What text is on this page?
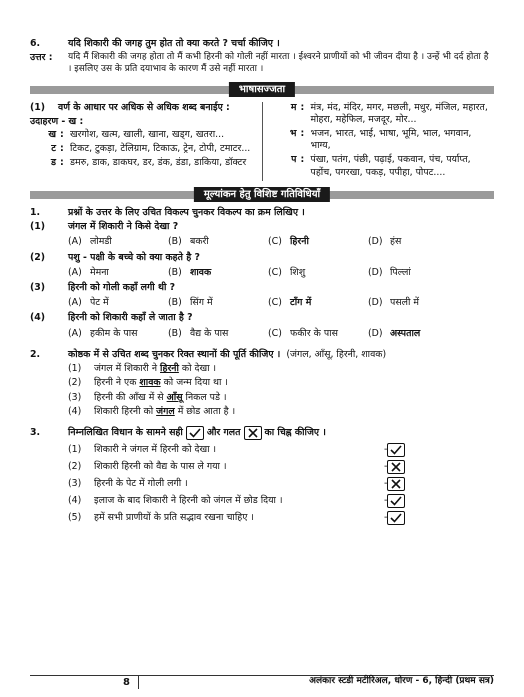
6.	यदि शिकारी की जगह तुम होत तो क्या करते ? चर्चा कीजिए ।
उत्तर :	यदि मैं शिकारी की जगह होता तो मैं कभी हिरनी को गोली नहीं मारता । ईश्वरने प्राणीयों को भी जीवन दीया है । उन्हें भी दर्द होता है । इसलिए उस के प्रति दयाभाव के कारण मैं उसे नहीं मारता ।
भाषासज्जता
(1)	वर्ण के आधार पर अधिक से अधिक शब्द बनाईए :
उदाहरण - ख :
ख : खरगोश, खत्म, खाली, खाना, खड्ग, खतरा...
ट : टिकट, टुकड़ा, टेलिग्राम, टिकाऊ, ट्रेन, टोपी, टमाटर...
ड : डमरु, डाक, डाकघर, डर, डंक, डंडा, डाकिया, डॉक्टर
म : मंत्र, मंद, मंदिर, मगर, मछली, मधुर, मंजिल, महारत, मोहरा, महेफिल, मजदूर, मोर...
भ : भजन, भारत, भाई, भाषा, भूमि, भाल, भगवान, भाग्य,
प : पंखा, पतंग, पंछी, पढ़ाई, पकवान, पंच, पर्याप्त, पहोंच, पगरखा, पकड़, पपीहा, पोपट....
मूल्यांकन हेतु विशिष्ट गतिविधियाँ
1.	प्रश्नों के उत्तर के लिए उचित विकल्प चुनकर विकल्प का क्रम लिखिए ।
(1)	जंगल में शिकारी ने किसे देखा ?
(A) लोमडी	(B) बकरी	(C) हिरनी	(D) हंस
(2)	पशु - पक्षी के बच्चे को क्या कहते है ?
(A) मेमना	(B) शावक	(C) शिशु	(D) पिल्लां
(3)	हिरनी को गोली कहाँ लगी थी ?
(A) पेट में	(B) सिंग में	(C) टाँग में	(D) पसली में
(4)	हिरनी को शिकारी कहाँ ले जाता है ?
(A) हकीम के पास	(B) वैद्य के पास	(C) फकीर के पास	(D) अस्पताल
2.	कोष्ठक में से उचित शब्द चुनकर रिक्त स्थानों की पूर्ति कीजिए । (जंगल, आँसू, हिरनी, शावक)
(1)	जंगल में शिकारी ने हिरनी को देखा ।
(2)	हिरनी ने एक शावक को जन्म दिया था ।
(3)	हिरनी की आँख में से आँसू निकल पडे ।
(4)	शिकारी हिरनी को जंगल में छोड आता है ।
3.	निम्नलिखित विधान के सामने सही	और गलत ☒ का चिह्न कीजिए ।
(1)	शिकारी ने जंगल में हिरनी को देखा ।	-
(2)	शिकारी हिरनी को वैद्य के पास ले गया ।	-
(3)	हिरनी के पेट में गोली लगी ।	-
(4)	इलाज के बाद शिकारी ने हिरनी को जंगल में छोड दिया ।	-
(5)	हमें सभी प्राणीयों के प्रति सद्भाव रखना चाहिए ।	-
8	अलंकार स्टडी मटीरिअल, धोरण - 6, हिन्दी (प्रथम सत्र)
